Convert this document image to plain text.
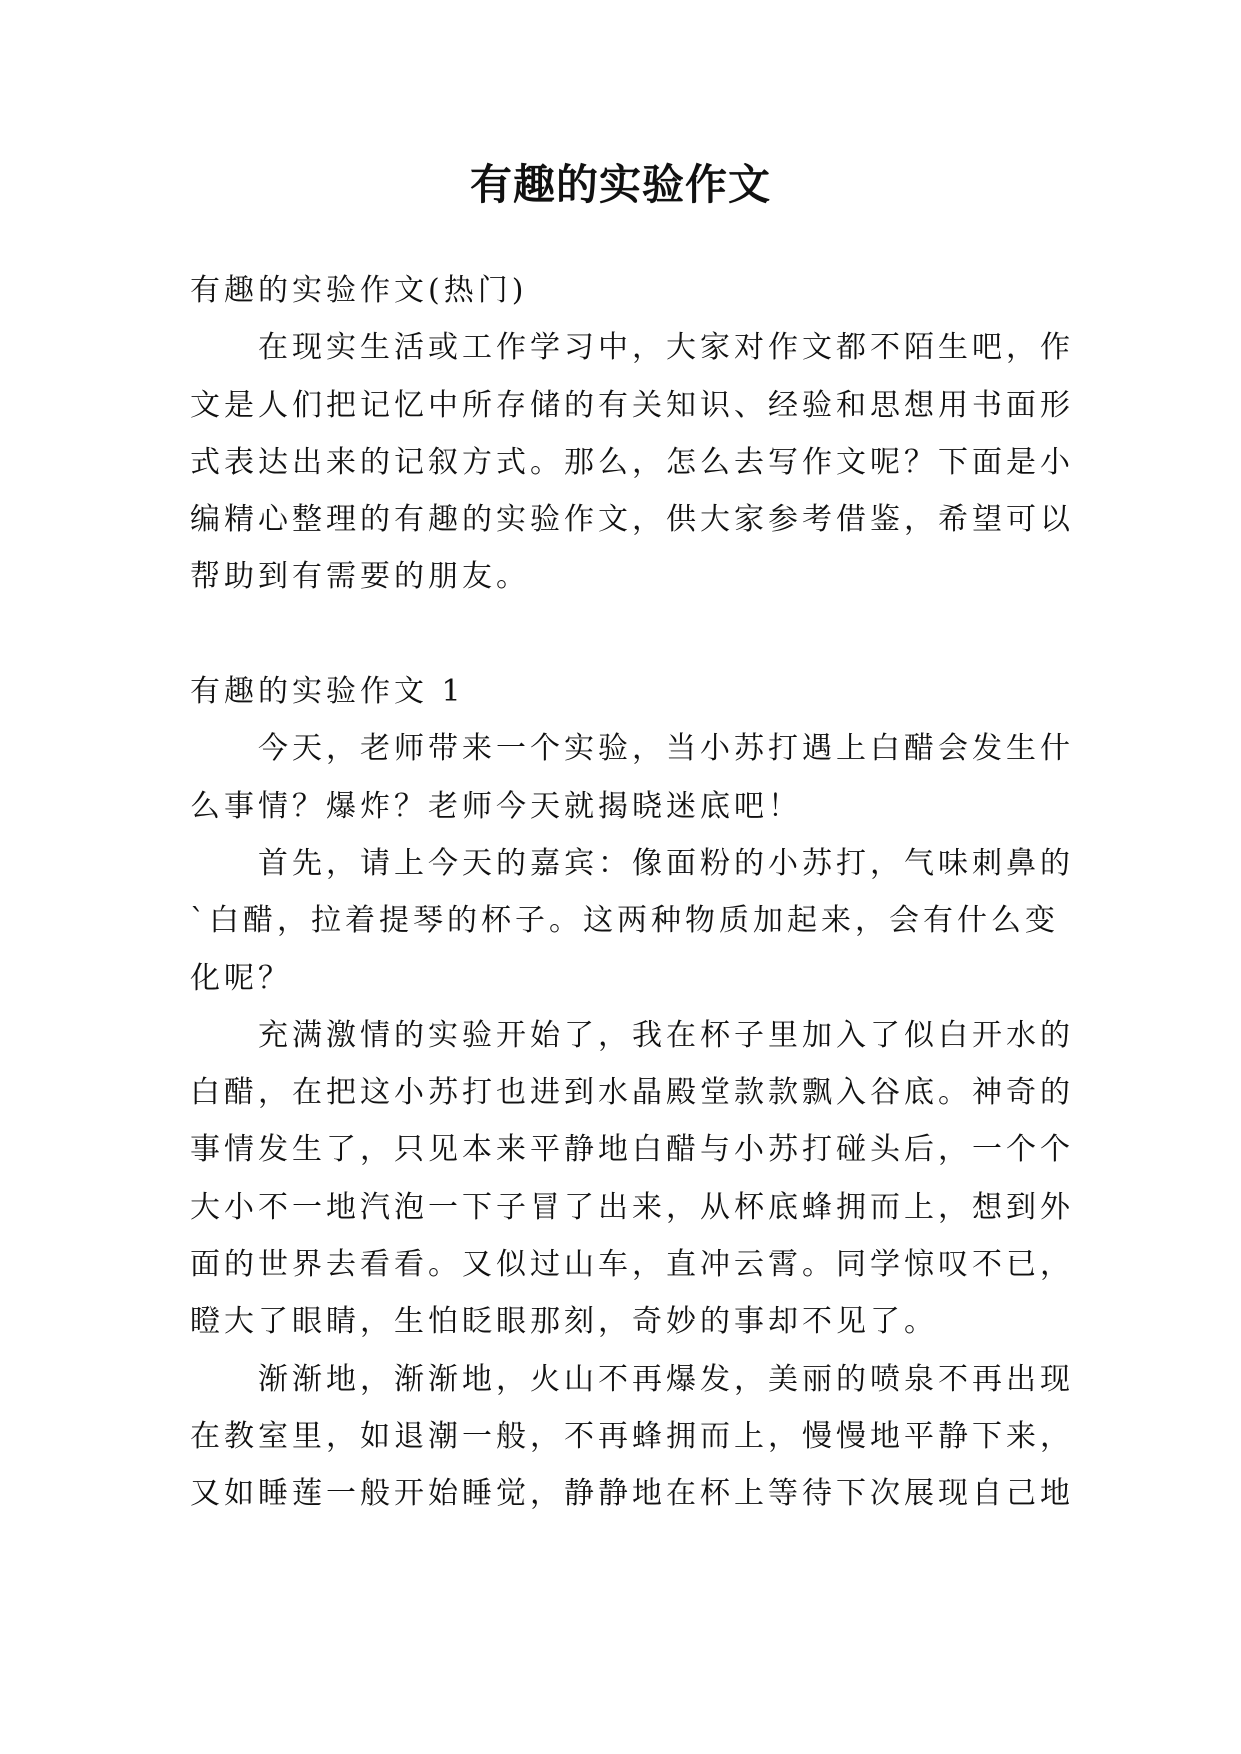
有趣的实验作文
有趣的实验作文(热门)
在现实生活或工作学习中，大家对作文都不陌生吧，作
文是人们把记忆中所存储的有关知识、经验和思想用书面形
式表达出来的记叙方式。那么，怎么去写作文呢？下面是小
编精心整理的有趣的实验作文，供大家参考借鉴，希望可以
帮助到有需要的朋友。
有趣的实验作文 1
今天，老师带来一个实验，当小苏打遇上白醋会发生什
么事情？爆炸？老师今天就揭晓迷底吧！
首先，请上今天的嘉宾：像面粉的小苏打，气味刺鼻的
`白醋，拉着提琴的杯子。这两种物质加起来，会有什么变
化呢？
充满激情的实验开始了，我在杯子里加入了似白开水的
白醋，在把这小苏打也进到水晶殿堂款款飘入谷底。神奇的
事情发生了，只见本来平静地白醋与小苏打碰头后，一个个
大小不一地汽泡一下子冒了出来，从杯底蜂拥而上，想到外
面的世界去看看。又似过山车，直冲云霄。同学惊叹不已，
瞪大了眼睛，生怕眨眼那刻，奇妙的事却不见了。
渐渐地，渐渐地，火山不再爆发，美丽的喷泉不再出现
在教室里，如退潮一般，不再蜂拥而上，慢慢地平静下来，
又如睡莲一般开始睡觉，静静地在杯上等待下次展现自己地
